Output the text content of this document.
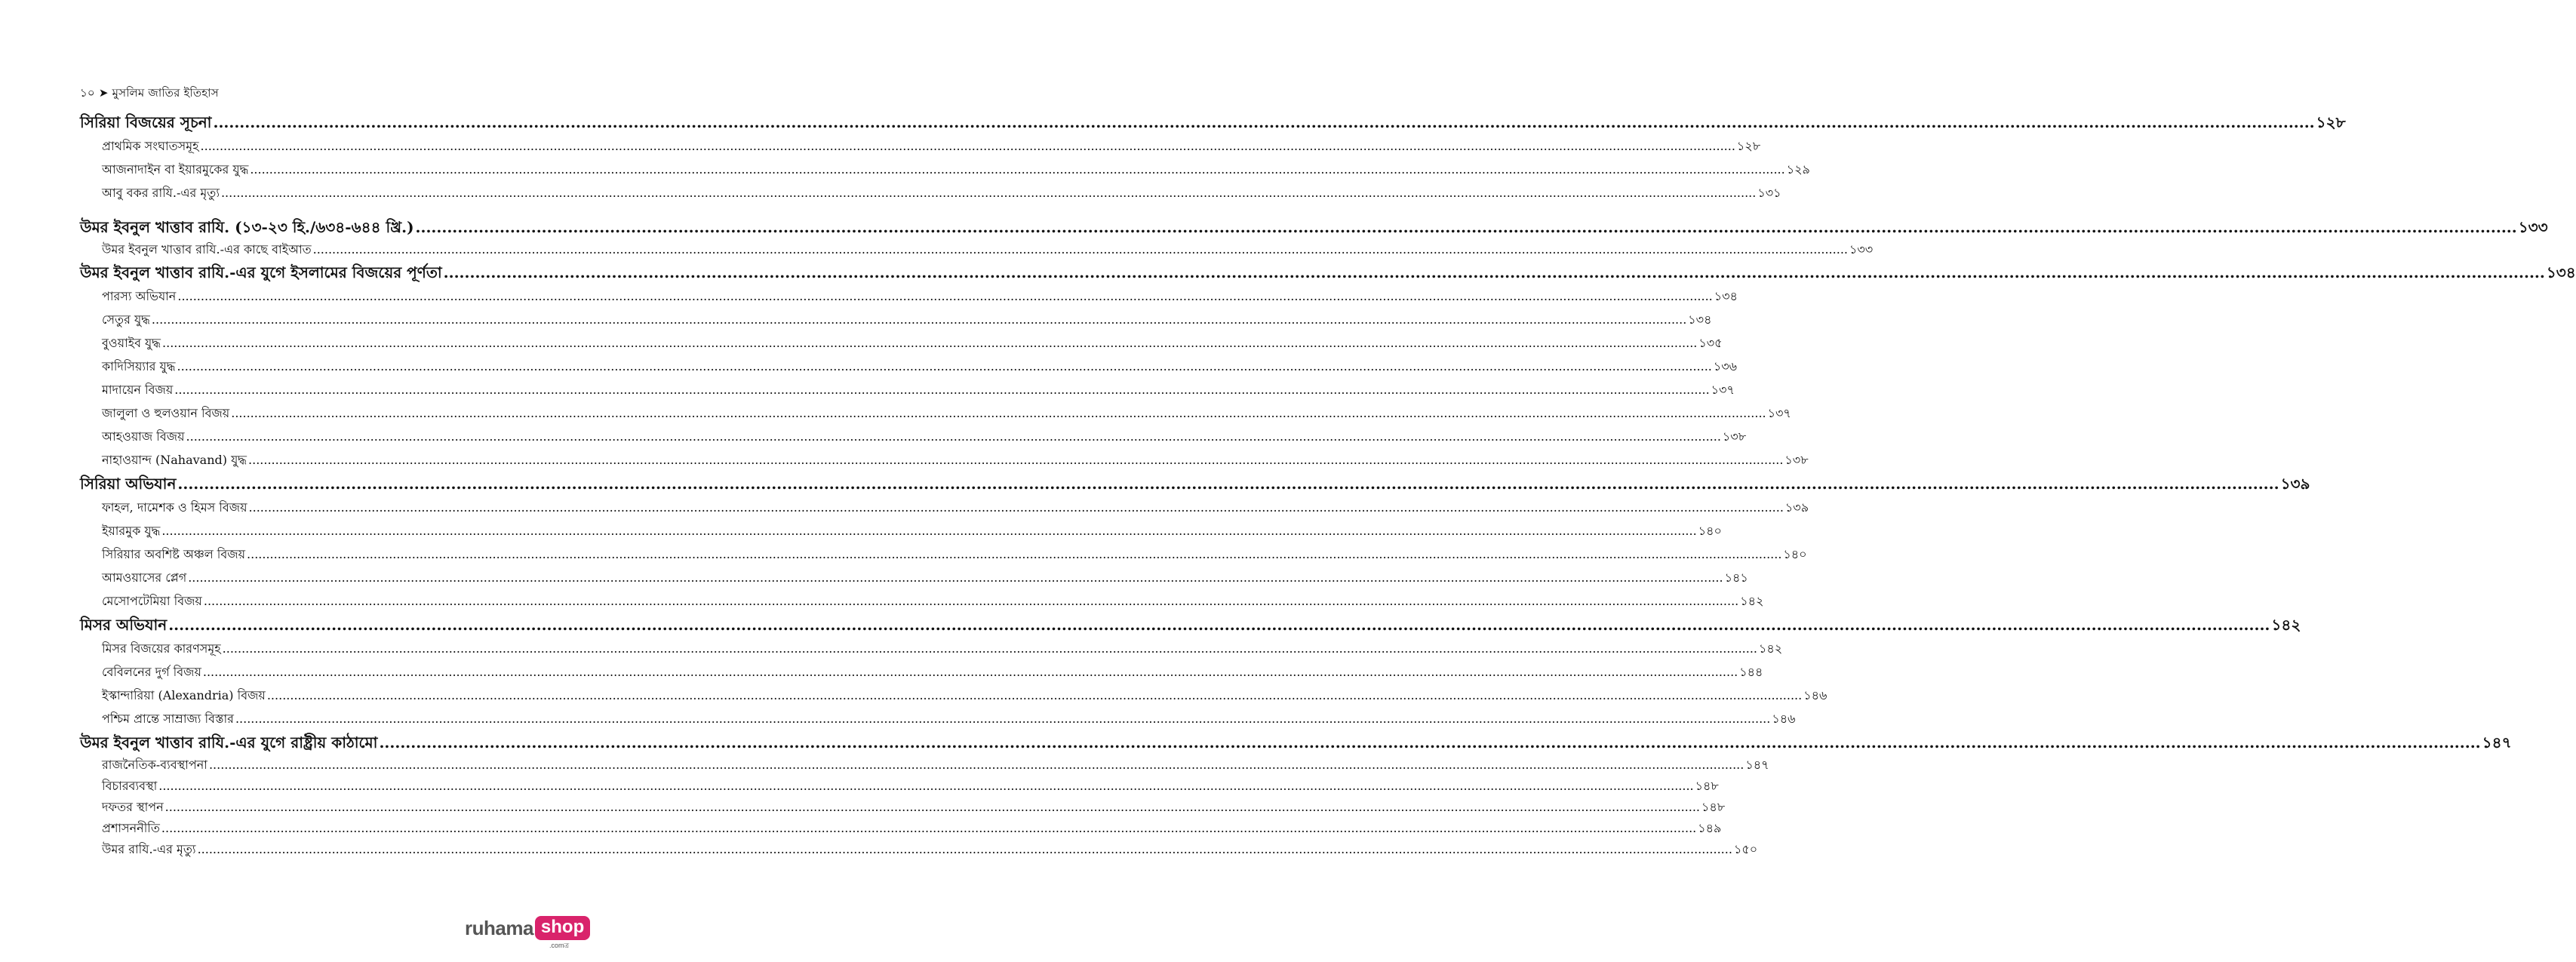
১০ ➤ মুসলিম জাতির ইতিহাস
সিরিয়া বিজয়ের সূচনা ................................................................................................................................................................................................................................................................................................................................................................................................................ ১২৮
প্রাথমিক সংঘাতসমূহ ................................................................................................................................................................................................................................................................................................................................................................................................................ ১২৮
আজনাদাইন বা ইয়ারমুকের যুদ্ধ ................................................................................................................................................................................................................................................................................................................................................................................................................ ১২৯
আবু বকর রাযি.-এর মৃত্যু ................................................................................................................................................................................................................................................................................................................................................................................................................ ১৩১
উমর ইবনুল খাত্তাব রাযি. (১৩-২৩ হি./৬৩৪-৬৪৪ খ্রি.) ................................................................................................................................................................................................................................................................................................................................................................................................................ ১৩৩
উমর ইবনুল খাত্তাব রাযি.-এর কাছে বাইআত ................................................................................................................................................................................................................................................................................................................................................................................................................ ১৩৩
উমর ইবনুল খাত্তাব রাযি.-এর যুগে ইসলামের বিজয়ের পূর্ণতা ................................................................................................................................................................................................................................................................................................................................................................................................................ ১৩৪
পারস্য অভিযান ................................................................................................................................................................................................................................................................................................................................................................................................................ ১৩৪
সেতুর যুদ্ধ ................................................................................................................................................................................................................................................................................................................................................................................................................ ১৩৪
বুওয়াইব যুদ্ধ ................................................................................................................................................................................................................................................................................................................................................................................................................ ১৩৫
কাদিসিয়্যার যুদ্ধ ................................................................................................................................................................................................................................................................................................................................................................................................................ ১৩৬
মাদায়েন বিজয় ................................................................................................................................................................................................................................................................................................................................................................................................................ ১৩৭
জালুলা ও হুলওয়ান বিজয় ................................................................................................................................................................................................................................................................................................................................................................................................................ ১৩৭
আহওয়াজ বিজয় ................................................................................................................................................................................................................................................................................................................................................................................................................ ১৩৮
নাহাওয়ান্দ (Nahavand) যুদ্ধ ................................................................................................................................................................................................................................................................................................................................................................................................................ ১৩৮
সিরিয়া অভিযান ................................................................................................................................................................................................................................................................................................................................................................................................................ ১৩৯
ফাহল, দামেশক ও হিমস বিজয় ................................................................................................................................................................................................................................................................................................................................................................................................................ ১৩৯
ইয়ারমুক যুদ্ধ ................................................................................................................................................................................................................................................................................................................................................................................................................ ১৪০
সিরিয়ার অবশিষ্ট অঞ্চল বিজয় ................................................................................................................................................................................................................................................................................................................................................................................................................ ১৪০
আমওয়াসের প্লেগ ................................................................................................................................................................................................................................................................................................................................................................................................................ ১৪১
মেসোপটেমিয়া বিজয় ................................................................................................................................................................................................................................................................................................................................................................................................................ ১৪২
মিসর অভিযান ................................................................................................................................................................................................................................................................................................................................................................................................................ ১৪২
মিসর বিজয়ের কারণসমূহ ................................................................................................................................................................................................................................................................................................................................................................................................................ ১৪২
বেবিলনের দুর্গ বিজয় ................................................................................................................................................................................................................................................................................................................................................................................................................ ১৪৪
ইস্কান্দারিয়া (Alexandria) বিজয় ................................................................................................................................................................................................................................................................................................................................................................................................................ ১৪৬
পশ্চিম প্রান্তে সাম্রাজ্য বিস্তার ................................................................................................................................................................................................................................................................................................................................................................................................................ ১৪৬
উমর ইবনুল খাত্তাব রাযি.-এর যুগে রাষ্ট্রীয় কাঠামো ................................................................................................................................................................................................................................................................................................................................................................................................................ ১৪৭
রাজনৈতিক-ব্যবস্থাপনা ................................................................................................................................................................................................................................................................................................................................................................................................................ ১৪৭
বিচারব্যবস্থা ................................................................................................................................................................................................................................................................................................................................................................................................................ ১৪৮
দফতর স্থাপন ................................................................................................................................................................................................................................................................................................................................................................................................................ ১৪৮
প্রশাসননীতি ................................................................................................................................................................................................................................................................................................................................................................................................................ ১৪৯
উমর রাযি.-এর মৃত্যু ................................................................................................................................................................................................................................................................................................................................................................................................................ ১৫০
ruhama shop
.comত্র
